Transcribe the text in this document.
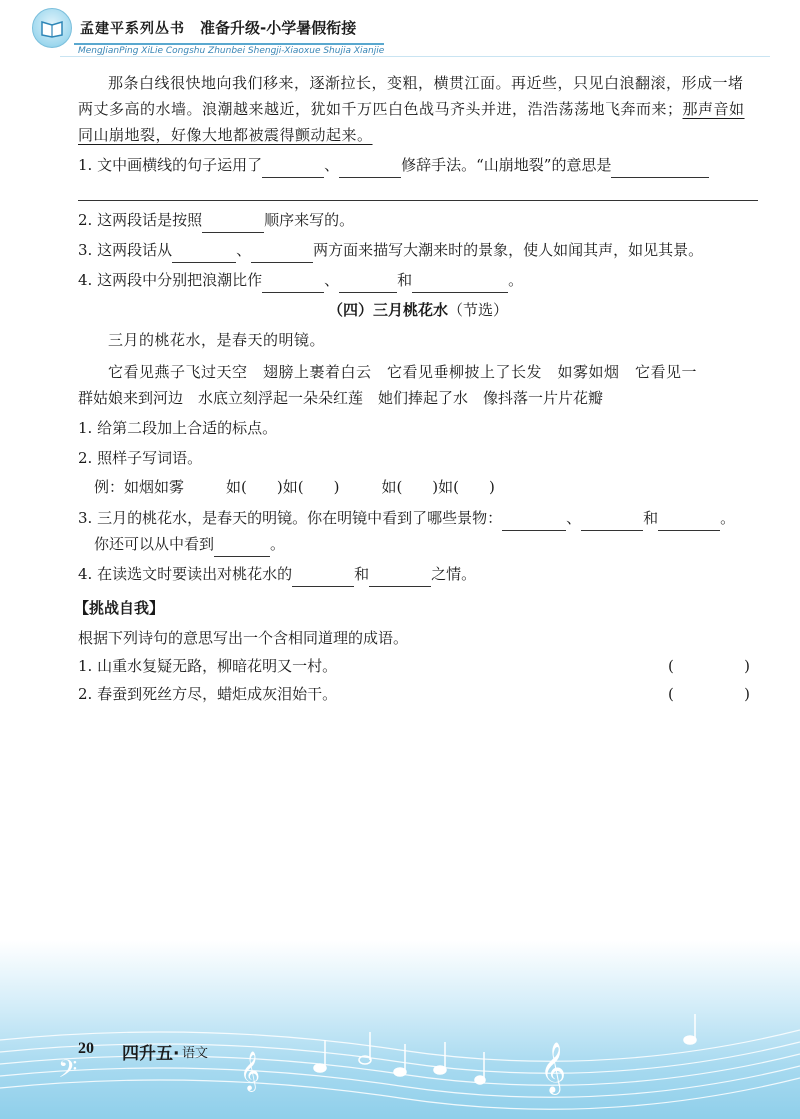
孟建平系列丛书 准备升级-小学暑假衔接
MengJianPing XiLie Congshu Zhunbei Shengji-Xiaoxue Shujia Xianjie

那条白线很快地向我们移来，逐渐拉长，变粗，横贯江面。再近些，只见白浪翻滚，形成一堵两丈多高的水墙。浪潮越来越近，犹如千万匹白色战马齐头并进，浩浩荡荡地飞奔而来；那声音如同山崩地裂，好像大地都被震得颤动起来。

1. 文中画横线的句子运用了	、	修辞手法。“山崩地裂”的意思是

2. 这两段话是按照	顺序来写的。

3. 这两段话从	、	两方面来描写大潮来时的景象，使人如闻其声，如见其景。

4. 这两段中分别把浪潮比作	、	和	。

（四）三月桃花水（节选）

三月的桃花水，是春天的明镜。

它看见燕子飞过天空　翅膀上裹着白云　它看见垂柳披上了长发　如雾如烟　它看见一

群姑娘来到河边　水底立刻浮起一朵朵红莲　她们捧起了水　像抖落一片片花瓣

1. 给第二段加上合适的标点。

2. 照样子写词语。

例：如烟如雾	如(　　)如(　　)	如(　　)如(　　)

3. 三月的桃花水，是春天的明镜。你在明镜中看到了哪些景物：	、	和	。

你还可以从中看到	。

4. 在读选文时要读出对桃花水的	和	之情。

【挑战自我】

根据下列诗句的意思写出一个含相同道理的成语。

1. 山重水复疑无路，柳暗花明又一村。	(	)
2. 春蚕到死丝方尽，蜡炬成灰泪始干。	(	)
𝄞
𝄞
𝄢
20 四升五· 语文
